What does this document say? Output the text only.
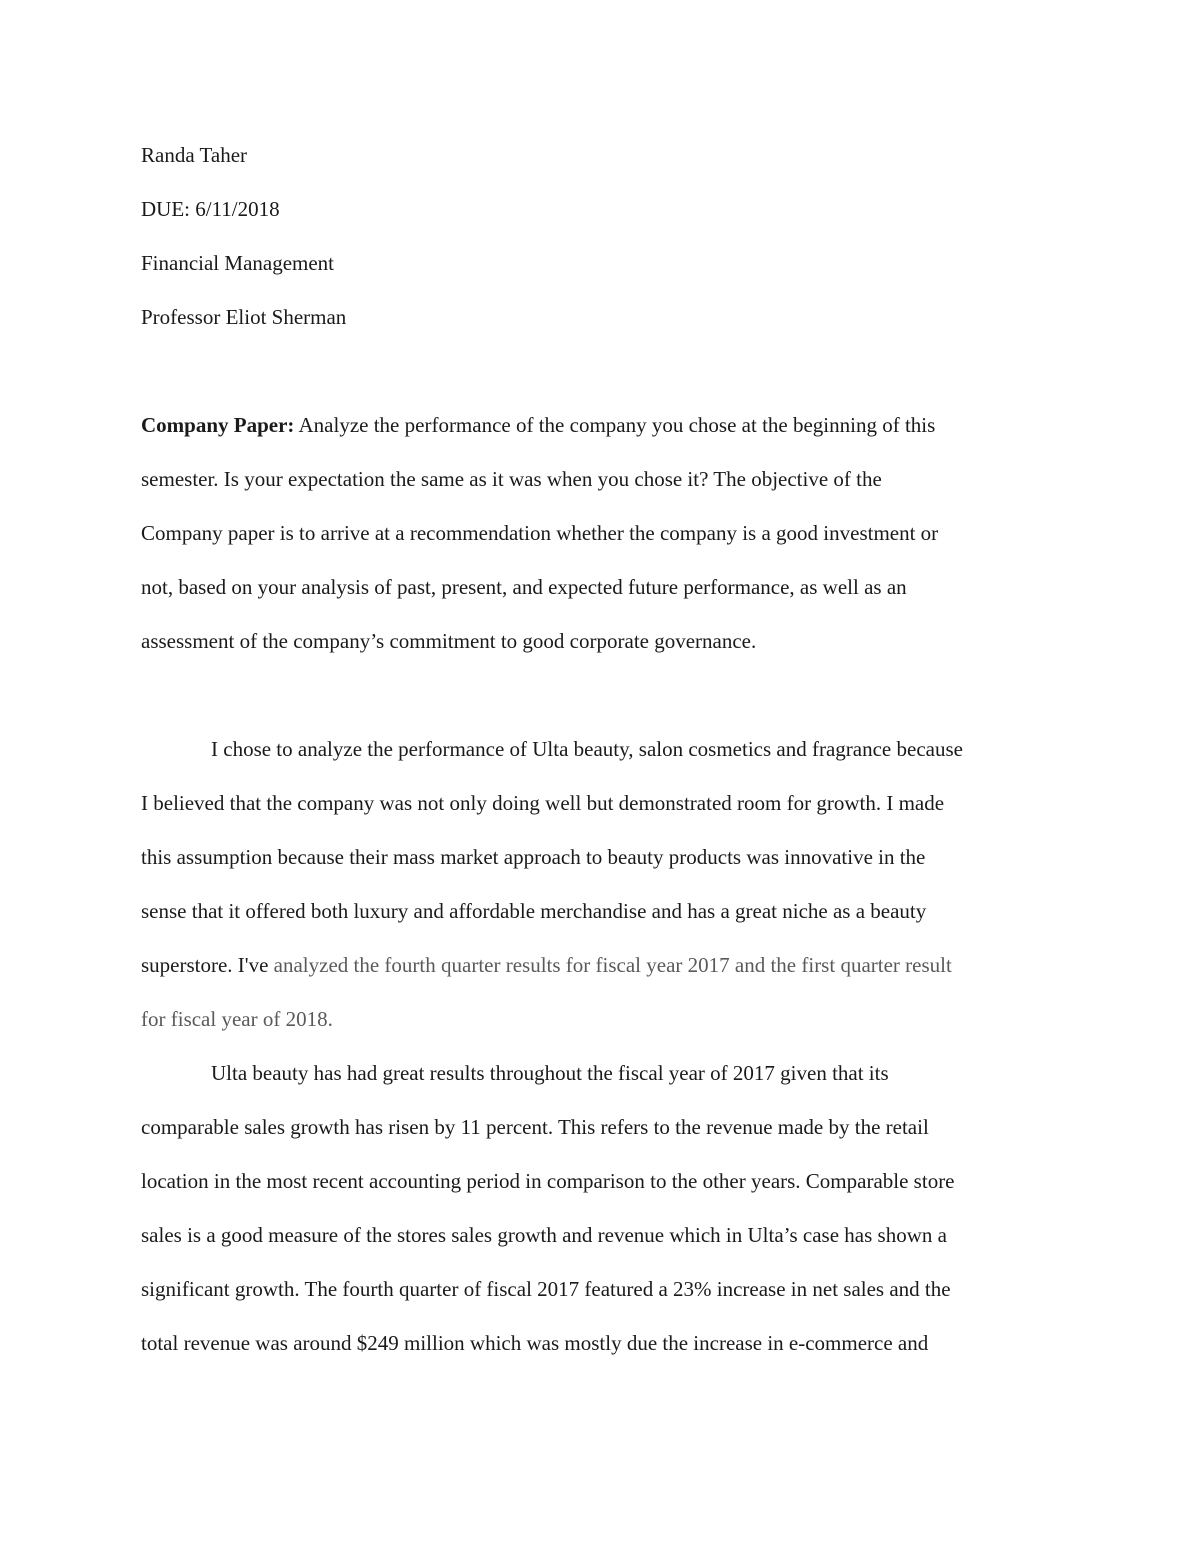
Randa Taher

DUE: 6/11/2018

Financial Management

Professor Eliot Sherman

Company Paper: Analyze the performance of the company you chose at the beginning of this

semester. Is your expectation the same as it was when you chose it? The objective of the

Company paper is to arrive at a recommendation whether the company is a good investment or

not, based on your analysis of past, present, and expected future performance, as well as an

assessment of the company’s commitment to good corporate governance.

I chose to analyze the performance of Ulta beauty, salon cosmetics and fragrance because

I believed that the company was not only doing well but demonstrated room for growth. I made

this assumption because their mass market approach to beauty products was innovative in the

sense that it offered both luxury and affordable merchandise and has a great niche as a beauty

superstore. I've analyzed the fourth quarter results for fiscal year 2017 and the first quarter result

for fiscal year of 2018.

Ulta beauty has had great results throughout the fiscal year of 2017 given that its

comparable sales growth has risen by 11 percent. This refers to the revenue made by the retail

location in the most recent accounting period in comparison to the other years. Comparable store

sales is a good measure of the stores sales growth and revenue which in Ulta’s case has shown a

significant growth. The fourth quarter of fiscal 2017 featured a 23% increase in net sales and the

total revenue was around $249 million which was mostly due the increase in e-commerce and
